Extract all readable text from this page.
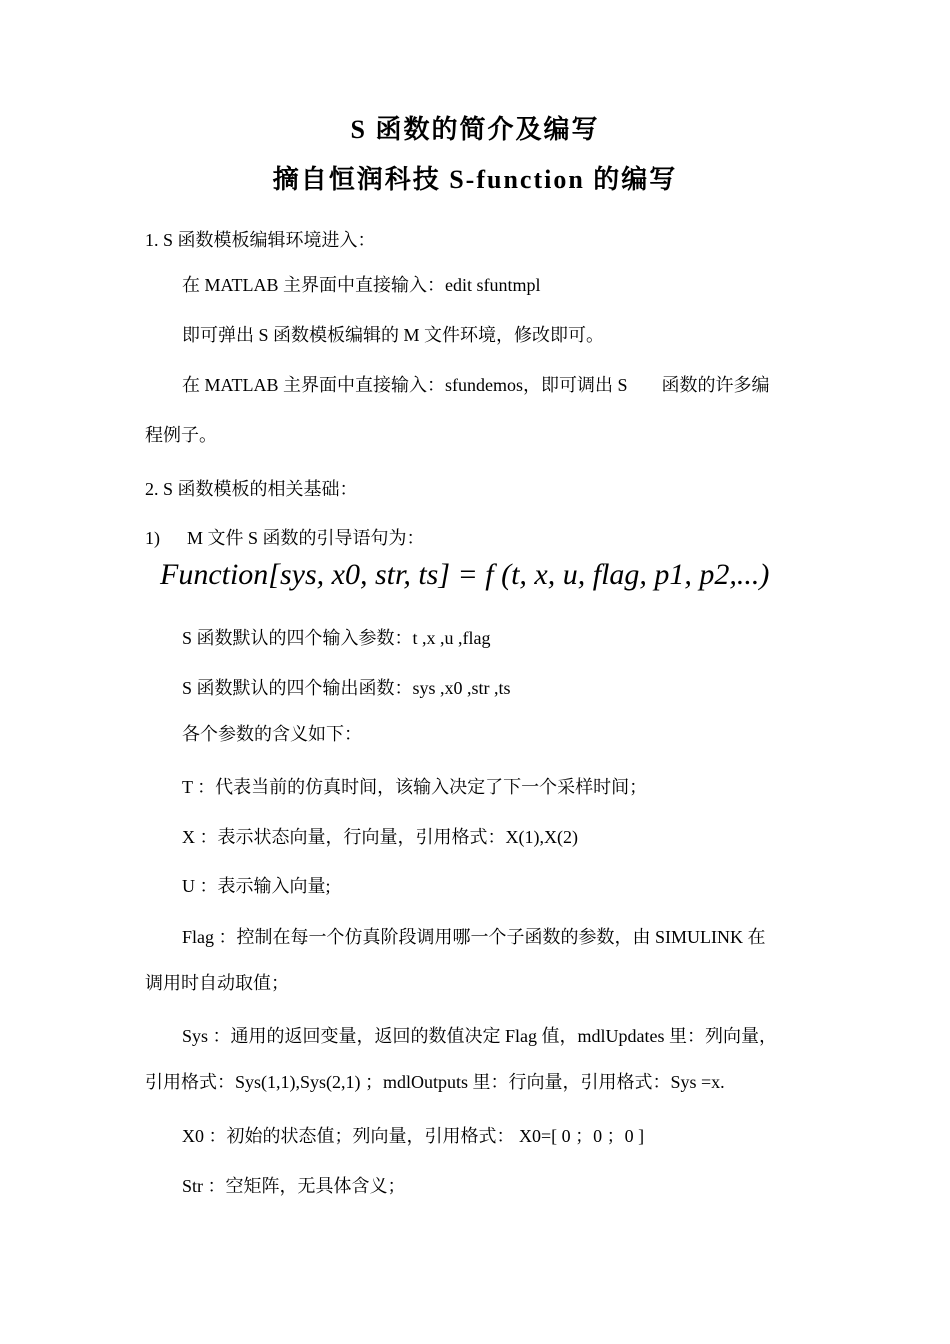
S 函数的简介及编写
摘自恒润科技 S-function 的编写
1. S 函数模板编辑环境进入：
在 MATLAB 主界面中直接输入：edit sfuntmpl
即可弹出 S 函数模板编辑的 M 文件环境，修改即可。
在 MATLAB 主界面中直接输入：sfundemos，即可调出 S 函数的许多编
程例子。
2. S 函数模板的相关基础：
1) M 文件 S 函数的引导语句为：
Function[sys, x0, str, ts] = f (t, x, u, flag, p1, p2,...)
S 函数默认的四个输入参数：t ,x ,u ,flag
S 函数默认的四个输出函数：sys ,x0 ,str ,ts
各个参数的含义如下：
T ：代表当前的仿真时间，该输入决定了下一个采样时间；
X ：表示状态向量，行向量，引用格式：X(1),X(2)
U ：表示输入向量;
Flag ：控制在每一个仿真阶段调用哪一个子函数的参数，由 SIMULINK 在
调用时自动取值；
Sys ：通用的返回变量，返回的数值决定 Flag 值，mdlUpdates 里：列向量，
引用格式：Sys(1,1),Sys(2,1) ；mdlOutputs 里：行向量，引用格式：Sys =x.
X0 ：初始的状态值；列向量，引用格式： X0=[ 0 ；0 ；0 ]
Str ：空矩阵，无具体含义；
